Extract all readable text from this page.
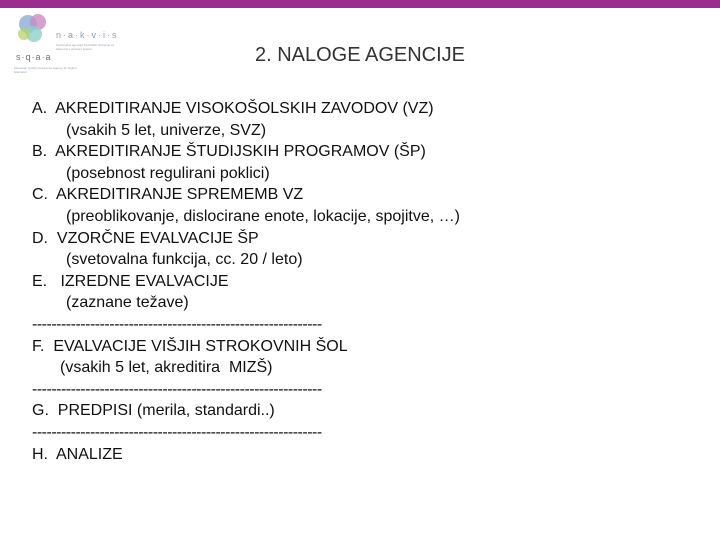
n·a·k·v·i·s
Nacionalna agencija Republike Slovenije za kakovost v visokem šolstvu
s·q·a·a
Slovenian Quality Assurance Agency for Higher Education
2. NALOGE AGENCIJE
A.  AKREDITIRANJE VISOKOŠOLSKIH ZAVODOV (VZ)
(vsakih 5 let, univerze, SVZ)
B.  AKREDITIRANJE ŠTUDIJSKIH PROGRAMOV (ŠP)
(posebnost regulirani poklici)
C.  AKREDITIRANJE SPREMEMB VZ
(preoblikovanje, dislocirane enote, lokacije, spojitve, …)
D.  VZORČNE EVALVACIJE ŠP
(svetovalna funkcija, cc. 20 / leto)
E.   IZREDNE EVALVACIJE
(zaznane težave)
------------------------------------------------------------
F.  EVALVACIJE VIŠJIH STROKOVNIH ŠOL
(vsakih 5 let, akreditira  MIZŠ)
------------------------------------------------------------
G.  PREDPISI (merila, standardi..)
------------------------------------------------------------
H.  ANALIZE
